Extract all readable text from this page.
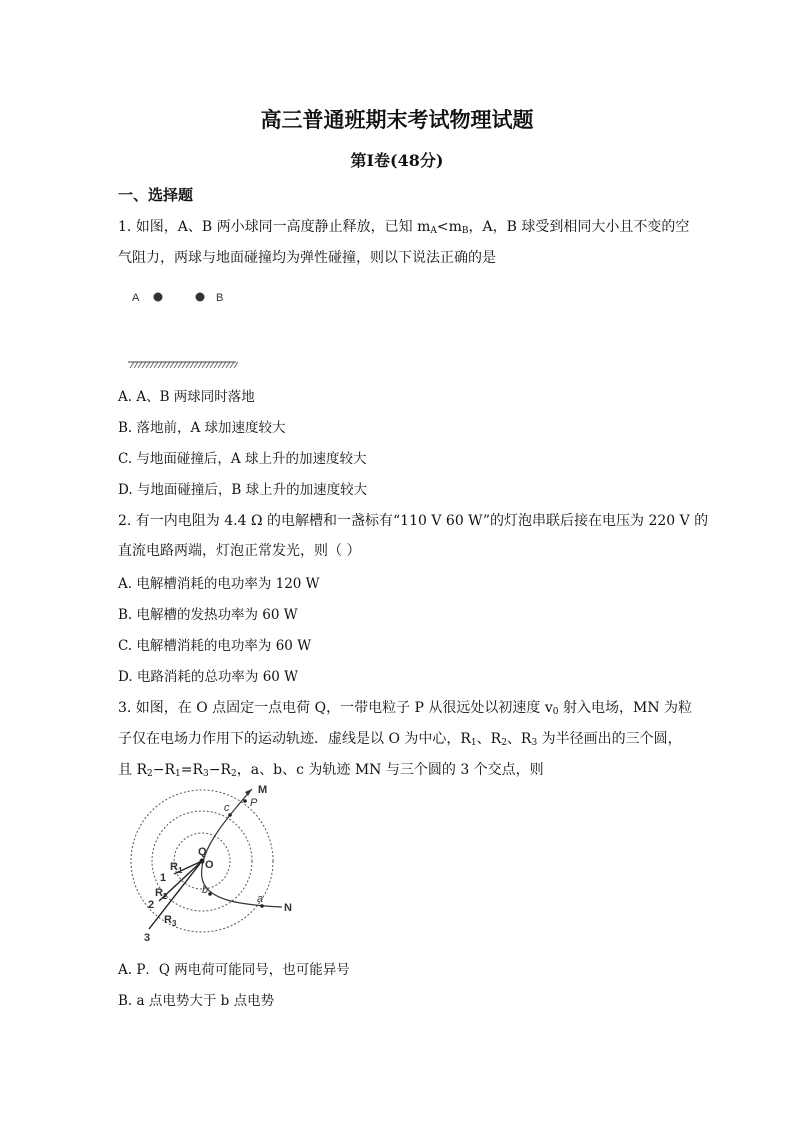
高三普通班期末考试物理试题
第Ⅰ卷(48分)
一、选择题
1. 如图，A、B 两小球同一高度静止释放，已知 $m_A<m_B$，A，B 球受到相同大小且不变的空
气阻力，两球与地面碰撞均为弹性碰撞，则以下说法正确的是
A	B
A. A、B 两球同时落地
B. 落地前，A 球加速度较大
C. 与地面碰撞后，A 球上升的加速度较大
D. 与地面碰撞后，B 球上升的加速度较大
2. 有一内电阻为 4.4 Ω 的电解槽和一盏标有“110 V 60 W”的灯泡串联后接在电压为 220 V 的
直流电路两端，灯泡正常发光，则（ ）
A. 电解槽消耗的电功率为 120 W
B. 电解槽的发热功率为 60 W
C. 电解槽消耗的电功率为 60 W
D. 电路消耗的总功率为 60 W
3. 如图，在 O 点固定一点电荷 Q，一带电粒子 P 从很远处以初速度 $v_0$ 射入电场，MN 为粒
子仅在电场力作用下的运动轨迹．虚线是以 O 为中心，$R_1$、$R_2$、$R_3$ 为半径画出的三个圆，
且 $R_2-R_1=R_3-R_2$，a、b、c 为轨迹 MN 与三个圆的 3 个交点，则
M
P
c
Q
O
b
a
N
$R_1$
$R_2$
$R_3$
1
2
3
A. P．Q 两电荷可能同号，也可能异号
B. a 点电势大于 b 点电势
